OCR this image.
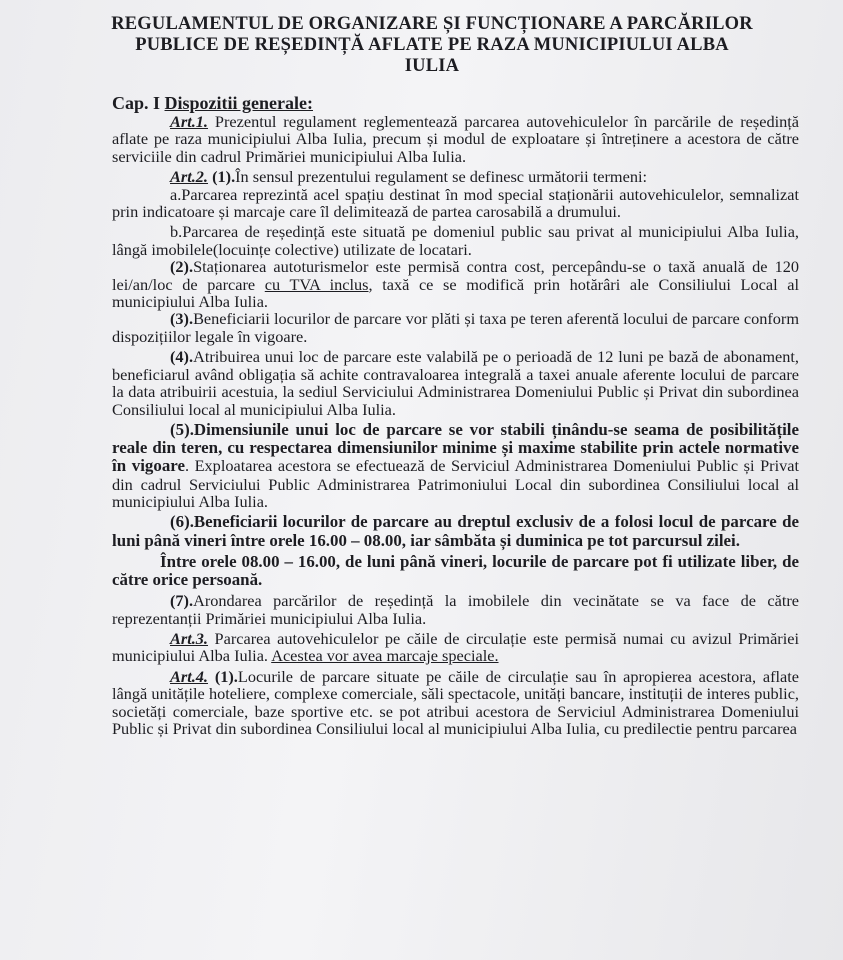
REGULAMENTUL DE ORGANIZARE ȘI FUNCȚIONARE A PARCĂRILOR
PUBLICE DE REȘEDINȚĂ AFLATE PE RAZA MUNICIPIULUI ALBA
IULIA
Cap. I Dispozitii generale:

Art.1. Prezentul regulament reglementează parcarea autovehiculelor în parcările de reședință aflate pe raza municipiului Alba Iulia, precum și modul de exploatare și întreținere a acestora de către serviciile din cadrul Primăriei municipiului Alba Iulia.

Art.2. (1).În sensul prezentului regulament se definesc următorii termeni:

a.Parcarea reprezintă acel spațiu destinat în mod special staționării autovehiculelor, semnalizat prin indicatoare și marcaje care îl delimitează de partea carosabilă a drumului.

b.Parcarea de reședință este situată pe domeniul public sau privat al municipiului Alba Iulia, lângă imobilele(locuințe colective) utilizate de locatari.

(2).Staționarea autoturismelor este permisă contra cost, percepându-se o taxă anuală de 120 lei/an/loc de parcare cu TVA inclus, taxă ce se modifică prin hotărâri ale Consiliului Local al municipiului Alba Iulia.

(3).Beneficiarii locurilor de parcare vor plăti și taxa pe teren aferentă locului de parcare conform dispozițiilor legale în vigoare.

(4).Atribuirea unui loc de parcare este valabilă pe o perioadă de 12 luni pe bază de abonament, beneficiarul având obligația să achite contravaloarea integrală a taxei anuale aferente locului de parcare la data atribuirii acestuia, la sediul Serviciului Administrarea Domeniului Public și Privat din subordinea Consiliului local al municipiului Alba Iulia.

(5).Dimensiunile unui loc de parcare se vor stabili ținându-se seama de posibilitățile reale din teren, cu respectarea dimensiunilor minime și maxime stabilite prin actele normative în vigoare. Exploatarea acestora se efectuează de Serviciul Administrarea Domeniului Public și Privat din cadrul Serviciului Public Administrarea Patrimoniului Local din subordinea Consiliului local al municipiului Alba Iulia.

(6).Beneficiarii locurilor de parcare au dreptul exclusiv de a folosi locul de parcare de luni până vineri între orele 16.00 – 08.00, iar sâmbăta și duminica pe tot parcursul zilei.

Între orele 08.00 – 16.00, de luni până vineri, locurile de parcare pot fi utilizate liber, de către orice persoană.

(7).Arondarea parcărilor de reședință la imobilele din vecinătate se va face de către reprezentanții Primăriei municipiului Alba Iulia.

Art.3. Parcarea autovehiculelor pe căile de circulație este permisă numai cu avizul Primăriei municipiului Alba Iulia. Acestea vor avea marcaje speciale.

Art.4. (1).Locurile de parcare situate pe căile de circulație sau în apropierea acestora, aflate lângă unitățile hoteliere, complexe comerciale, săli spectacole, unități bancare, instituții de interes public, societăți comerciale, baze sportive etc. se pot atribui acestora de Serviciul Administrarea Domeniului Public și Privat din subordinea Consiliului local al municipiului Alba Iulia, cu predilectie pentru parcarea
